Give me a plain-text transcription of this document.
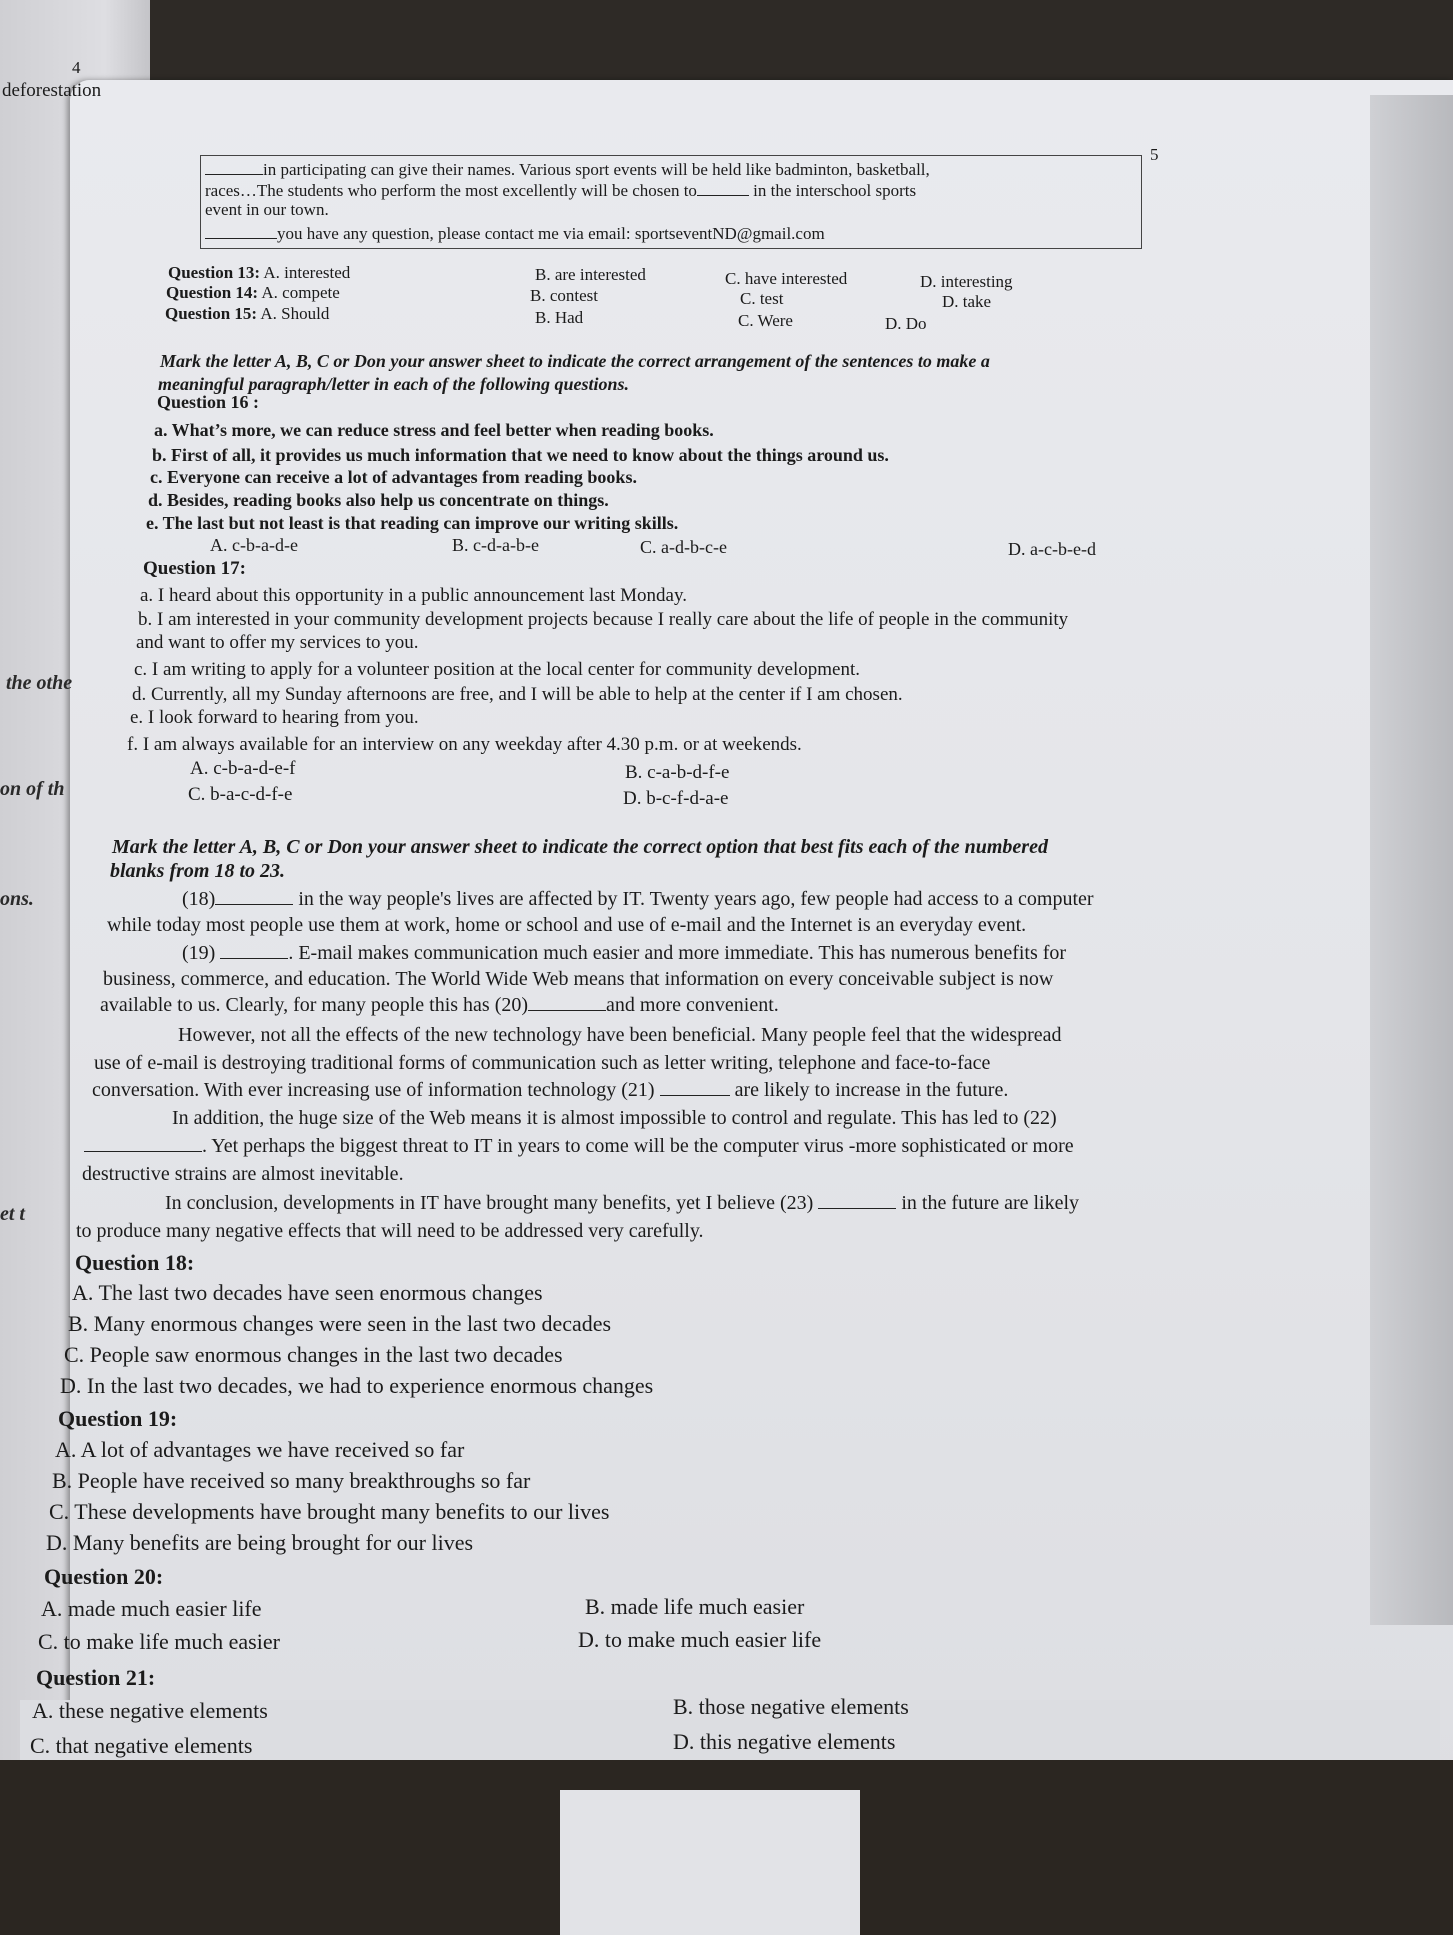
4
deforestation
the othe
on of th
ons.
et t
5
in participating can give their names. Various sport events will be held like badminton, basketball,
races…The students who perform the most excellently will be chosen to	in the interschool sports
event in our town.
you have any question, please contact me via email: sportseventND@gmail.com
Question 13: A. interested	B. are interested	C. have interested	D. interesting
Question 14: A. compete	B. contest	C. test	D. take
Question 15: A. Should	B. Had	C. Were	D. Do
Mark the letter A, B, C or Don your answer sheet to indicate the correct arrangement of the sentences to make a
meaningful paragraph/letter in each of the following questions.
Question 16 :
a. What’s more, we can reduce stress and feel better when reading books.
b. First of all, it provides us much information that we need to know about the things around us.
c. Everyone can receive a lot of advantages from reading books.
d. Besides, reading books also help us concentrate on things.
e. The last but not least is that reading can improve our writing skills.
A. c-b-a-d-e	B. c-d-a-b-e	C. a-d-b-c-e	D. a-c-b-e-d
Question 17:
a. I heard about this opportunity in a public announcement last Monday.
b. I am interested in your community development projects because I really care about the life of people in the community
and want to offer my services to you.
c. I am writing to apply for a volunteer position at the local center for community development.
d. Currently, all my Sunday afternoons are free, and I will be able to help at the center if I am chosen.
e. I look forward to hearing from you.
f. I am always available for an interview on any weekday after 4.30 p.m. or at weekends.
A. c-b-a-d-e-f	B. c-a-b-d-f-e
C. b-a-c-d-f-e	D. b-c-f-d-a-e
Mark the letter A, B, C or Don your answer sheet to indicate the correct option that best fits each of the numbered
blanks from 18 to 23.
(18)	in the way people's lives are affected by IT. Twenty years ago, few people had access to a computer
while today most people use them at work, home or school and use of e-mail and the Internet is an everyday event.
(19)	. E-mail makes communication much easier and more immediate. This has numerous benefits for
business, commerce, and education. The World Wide Web means that information on every conceivable subject is now
available to us. Clearly, for many people this has (20)	and more convenient.
However, not all the effects of the new technology have been beneficial. Many people feel that the widespread
use of e-mail is destroying traditional forms of communication such as letter writing, telephone and face-to-face
conversation. With ever increasing use of information technology (21)	are likely to increase in the future.
In addition, the huge size of the Web means it is almost impossible to control and regulate. This has led to (22)
. Yet perhaps the biggest threat to IT in years to come will be the computer virus -more sophisticated or more
destructive strains are almost inevitable.
In conclusion, developments in IT have brought many benefits, yet I believe (23)	in the future are likely
to produce many negative effects that will need to be addressed very carefully.
Question 18:
A. The last two decades have seen enormous changes
B. Many enormous changes were seen in the last two decades
C. People saw enormous changes in the last two decades
D. In the last two decades, we had to experience enormous changes
Question 19:
A. A lot of advantages we have received so far
B. People have received so many breakthroughs so far
C. These developments have brought many benefits to our lives
D. Many benefits are being brought for our lives
Question 20:
A. made much easier life	B. made life much easier
C. to make life much easier	D. to make much easier life
Question 21:
A. these negative elements	B. those negative elements
C. that negative elements	D. this negative elements
